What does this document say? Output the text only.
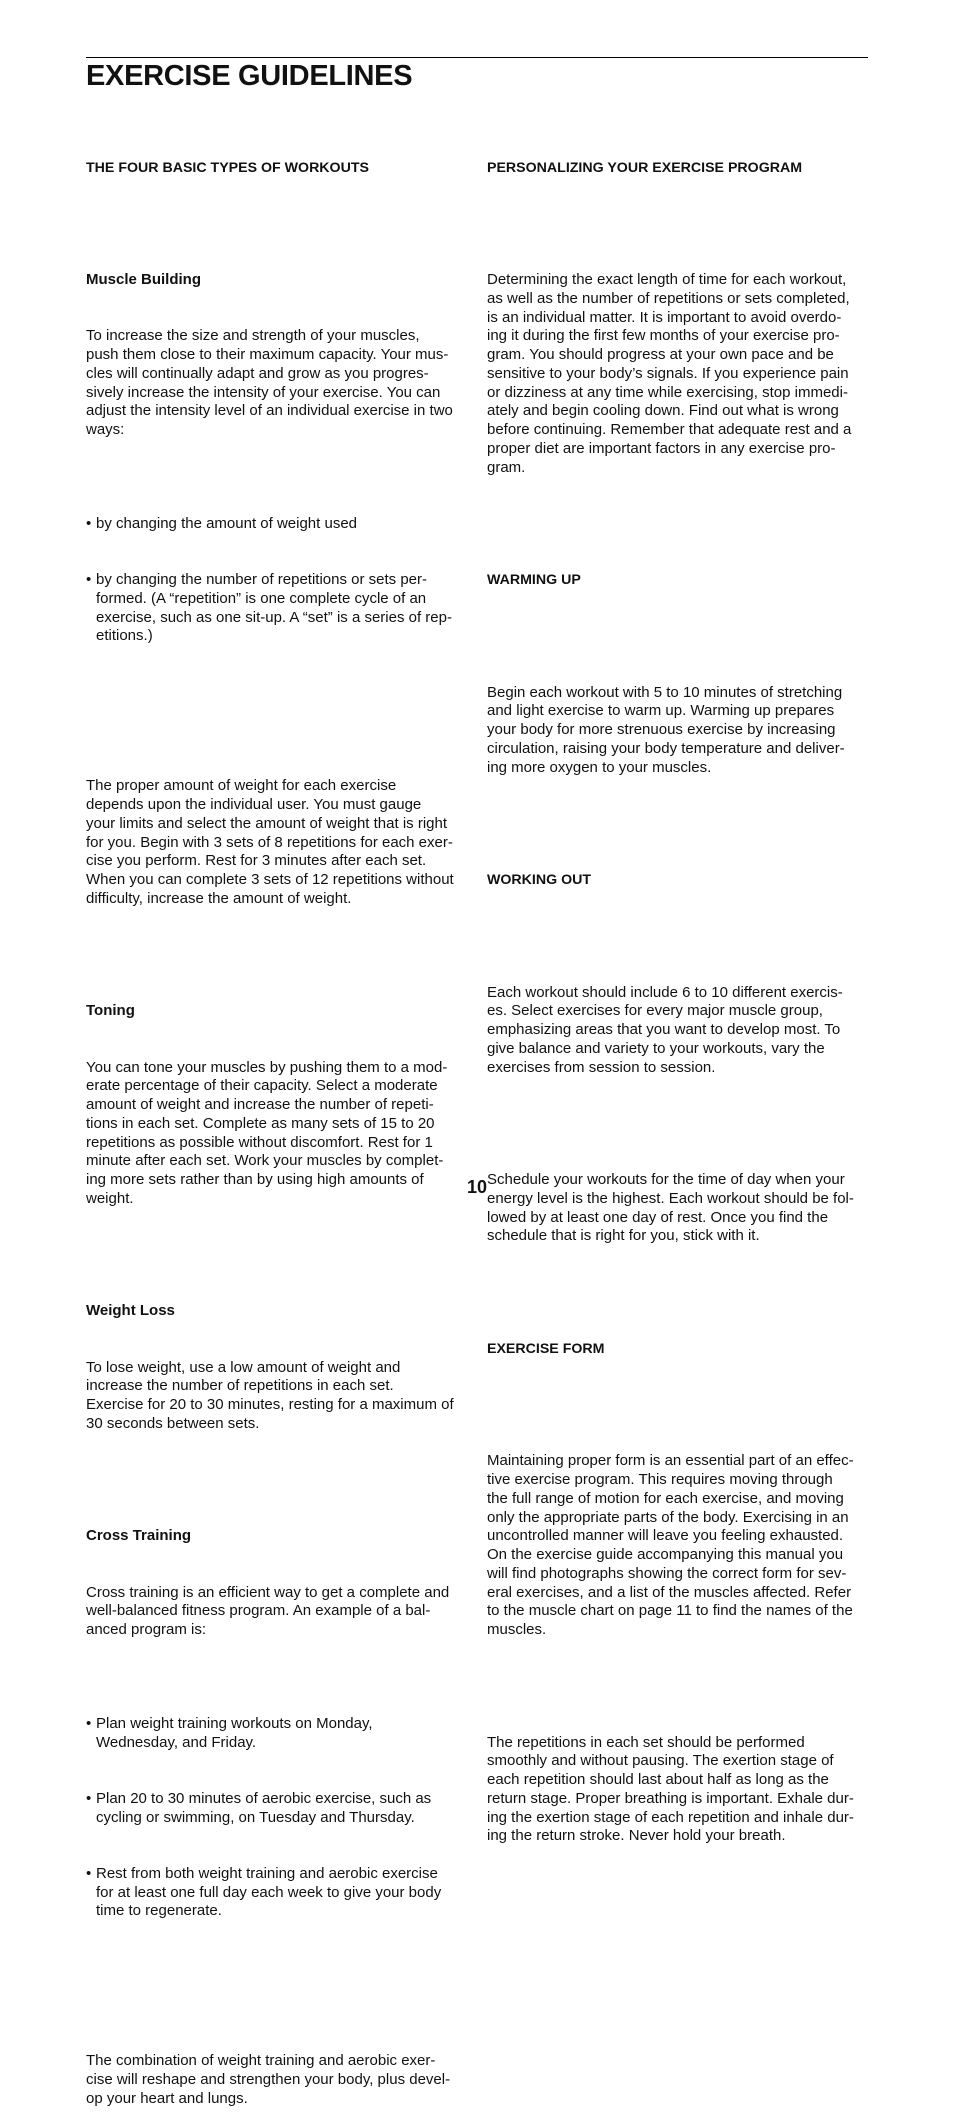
EXERCISE GUIDELINES

THE FOUR BASIC TYPES OF WORKOUTS

Muscle Building

To increase the size and strength of your muscles,
push them close to their maximum capacity. Your mus-
cles will continually adapt and grow as you progres-
sively increase the intensity of your exercise. You can
adjust the intensity level of an individual exercise in two
ways:

• by changing the amount of weight used

• by changing the number of repetitions or sets per-
formed. (A “repetition” is one complete cycle of an
exercise, such as one sit-up. A “set” is a series of rep-
etitions.)

The proper amount of weight for each exercise
depends upon the individual user. You must gauge
your limits and select the amount of weight that is right
for you. Begin with 3 sets of 8 repetitions for each exer-
cise you perform. Rest for 3 minutes after each set.
When you can complete 3 sets of 12 repetitions without
difficulty, increase the amount of weight.

Toning

You can tone your muscles by pushing them to a mod-
erate percentage of their capacity. Select a moderate
amount of weight and increase the number of repeti-
tions in each set. Complete as many sets of 15 to 20
repetitions as possible without discomfort. Rest for 1
minute after each set. Work your muscles by complet-
ing more sets rather than by using high amounts of
weight.

Weight Loss

To lose weight, use a low amount of weight and
increase the number of repetitions in each set.
Exercise for 20 to 30 minutes, resting for a maximum of
30 seconds between sets.

Cross Training

Cross training is an efficient way to get a complete and
well-balanced fitness program. An example of a bal-
anced program is:

• Plan weight training workouts on Monday,
Wednesday, and Friday.

• Plan 20 to 30 minutes of aerobic exercise, such as
cycling or swimming, on Tuesday and Thursday.

• Rest from both weight training and aerobic exercise
for at least one full day each week to give your body
time to regenerate.

The combination of weight training and aerobic exer-
cise will reshape and strengthen your body, plus devel-
op your heart and lungs.

PERSONALIZING YOUR EXERCISE PROGRAM

Determining the exact length of time for each workout,
as well as the number of repetitions or sets completed,
is an individual matter. It is important to avoid overdo-
ing it during the first few months of your exercise pro-
gram. You should progress at your own pace and be
sensitive to your body’s signals. If you experience pain
or dizziness at any time while exercising, stop immedi-
ately and begin cooling down. Find out what is wrong
before continuing. Remember that adequate rest and a
proper diet are important factors in any exercise pro-
gram.

WARMING UP

Begin each workout with 5 to 10 minutes of stretching
and light exercise to warm up. Warming up prepares
your body for more strenuous exercise by increasing
circulation, raising your body temperature and deliver-
ing more oxygen to your muscles.

WORKING OUT

Each workout should include 6 to 10 different exercis-
es. Select exercises for every major muscle group,
emphasizing areas that you want to develop most. To
give balance and variety to your workouts, vary the
exercises from session to session.

Schedule your workouts for the time of day when your
energy level is the highest. Each workout should be fol-
lowed by at least one day of rest. Once you find the
schedule that is right for you, stick with it.

EXERCISE FORM

Maintaining proper form is an essential part of an effec-
tive exercise program. This requires moving through
the full range of motion for each exercise, and moving
only the appropriate parts of the body. Exercising in an
uncontrolled manner will leave you feeling exhausted.
On the exercise guide accompanying this manual you
will find photographs showing the correct form for sev-
eral exercises, and a list of the muscles affected. Refer
to the muscle chart on page 11 to find the names of the
muscles.

The repetitions in each set should be performed
smoothly and without pausing. The exertion stage of
each repetition should last about half as long as the
return stage. Proper breathing is important. Exhale dur-
ing the exertion stage of each repetition and inhale dur-
ing the return stroke. Never hold your breath.

10
